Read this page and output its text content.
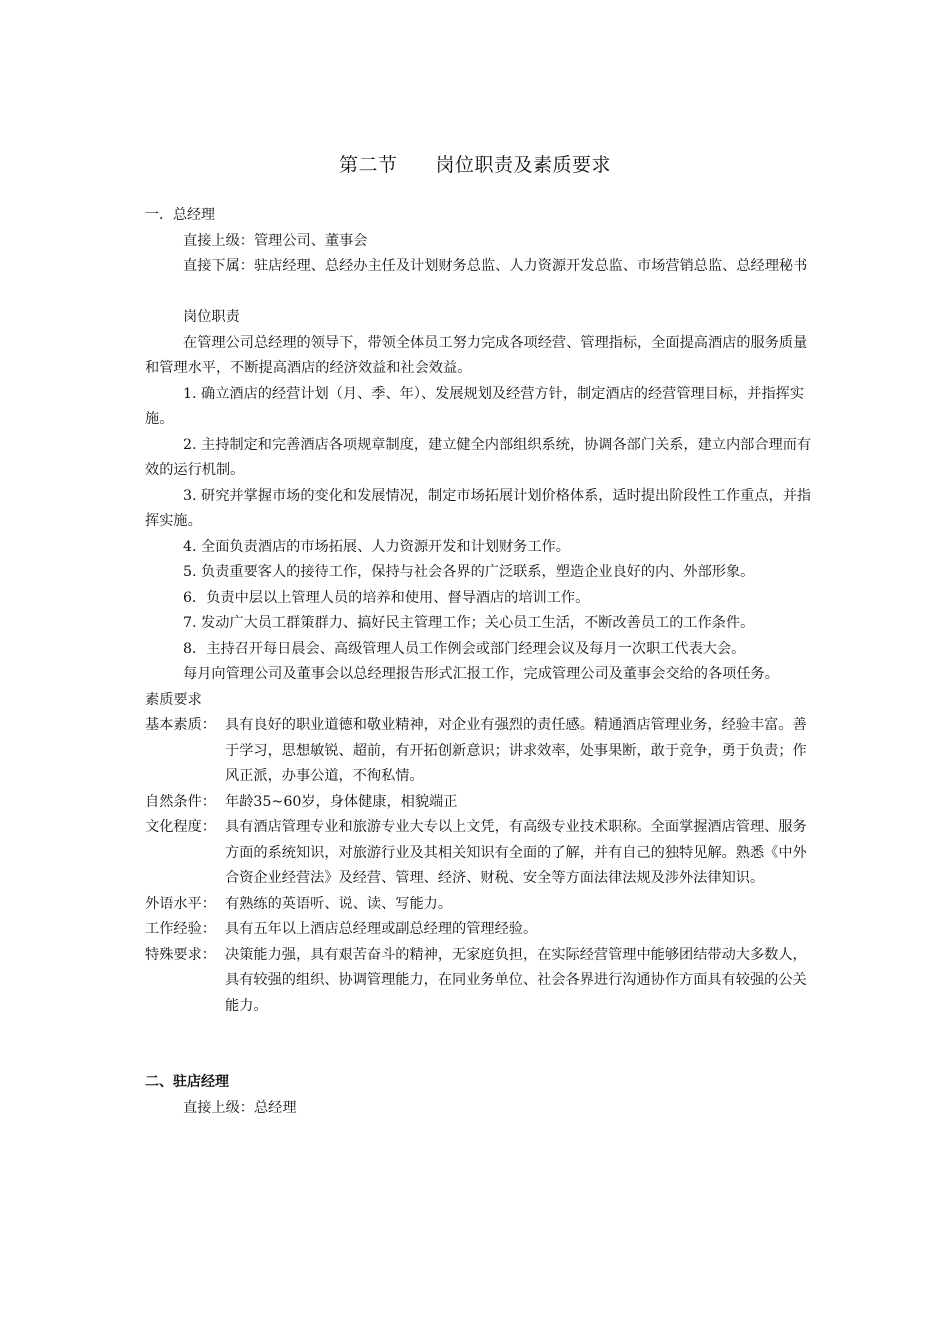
第二节 岗位职责及素质要求

一．总经理

直接上级：管理公司、董事会

直接下属：驻店经理、总经办主任及计划财务总监、人力资源开发总监、市场营销总监、总经理秘书

岗位职责

在管理公司总经理的领导下，带领全体员工努力完成各项经营、管理指标，全面提高酒店的服务质量和管理水平，不断提高酒店的经济效益和社会效益。

1. 确立酒店的经营计划（月、季、年）、发展规划及经营方针，制定酒店的经营管理目标，并指挥实施。

2. 主持制定和完善酒店各项规章制度，建立健全内部组织系统，协调各部门关系，建立内部合理而有效的运行机制。

3. 研究并掌握市场的变化和发展情况，制定市场拓展计划价格体系，适时提出阶段性工作重点，并指挥实施。

4. 全面负责酒店的市场拓展、人力资源开发和计划财务工作。

5. 负责重要客人的接待工作，保持与社会各界的广泛联系，塑造企业良好的内、外部形象。

6．负责中层以上管理人员的培养和使用、督导酒店的培训工作。

7. 发动广大员工群策群力、搞好民主管理工作；关心员工生活，不断改善员工的工作条件。

8．主持召开每日晨会、高级管理人员工作例会或部门经理会议及每月一次职工代表大会。

每月向管理公司及董事会以总经理报告形式汇报工作，完成管理公司及董事会交给的各项任务。

素质要求

基本素质： 具有良好的职业道德和敬业精神，对企业有强烈的责任感。精通酒店管理业务，经验丰富。善于学习，思想敏锐、超前，有开拓创新意识；讲求效率，处事果断，敢于竞争，勇于负责；作风正派，办事公道，不徇私情。
自然条件： 年龄35~60岁，身体健康，相貌端正
文化程度： 具有酒店管理专业和旅游专业大专以上文凭，有高级专业技术职称。全面掌握酒店管理、服务方面的系统知识，对旅游行业及其相关知识有全面的了解，并有自己的独特见解。熟悉《中外合资企业经营法》及经营、管理、经济、财税、安全等方面法律法规及涉外法律知识。
外语水平： 有熟练的英语听、说、读、写能力。
工作经验： 具有五年以上酒店总经理或副总经理的管理经验。
特殊要求： 决策能力强，具有艰苦奋斗的精神，无家庭负担，在实际经营管理中能够团结带动大多数人，具有较强的组织、协调管理能力，在同业务单位、社会各界进行沟通协作方面具有较强的公关能力。

二、驻店经理

直接上级：总经理
